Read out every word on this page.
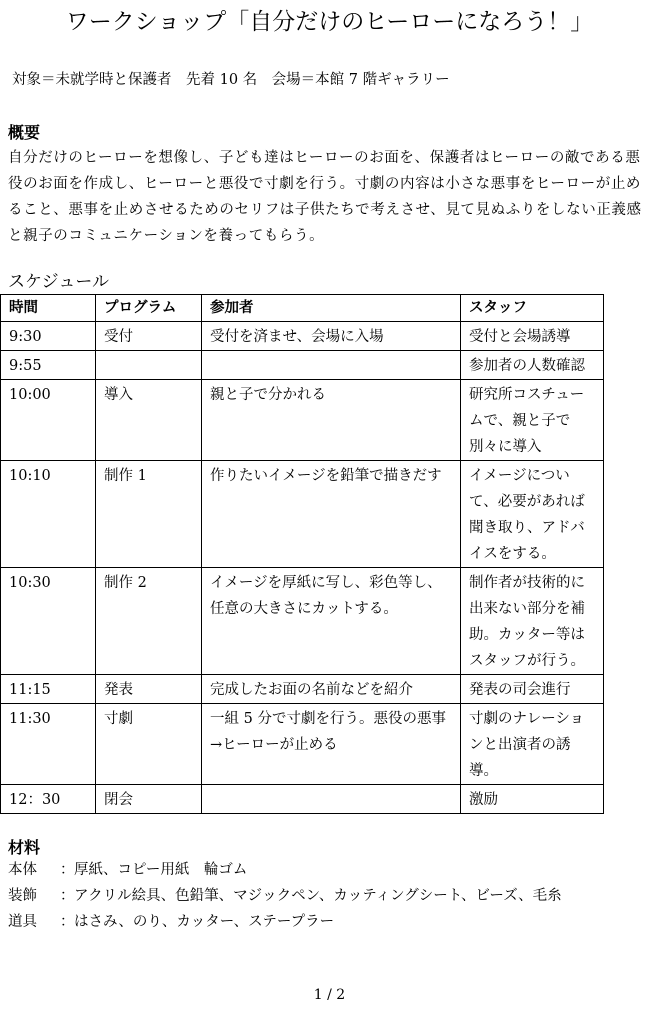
ワークショップ「自分だけのヒーローになろう！」
対象＝未就学時と保護者　先着 10 名　会場＝本館 7 階ギャラリー
概要
自分だけのヒーローを想像し、子ども達はヒーローのお面を、保護者はヒーローの敵である悪役のお面を作成し、ヒーローと悪役で寸劇を行う。寸劇の内容は小さな悪事をヒーローが止めること、悪事を止めさせるためのセリフは子供たちで考えさせ、見て見ぬふりをしない正義感と親子のコミュニケーションを養ってもらう。
スケジュール
時間	プログラム	参加者	スタッフ
9:30	受付	受付を済ませ、会場に入場	受付と会場誘導
9:55			参加者の人数確認
10:00	導入	親と子で分かれる	研究所コスチュームで、親と子で別々に導入
10:10	制作 1	作りたいイメージを鉛筆で描きだす	イメージについて、必要があれば聞き取り、アドバイスをする。
10:30	制作 2	イメージを厚紙に写し、彩色等し、任意の大きさにカットする。	制作者が技術的に出来ない部分を補助。カッター等はスタッフが行う。
11:15	発表	完成したお面の名前などを紹介	発表の司会進行
11:30	寸劇	一組 5 分で寸劇を行う。悪役の悪事→ヒーローが止める	寸劇のナレーションと出演者の誘導。
12：30	閉会		激励
材料
本体 ：厚紙、コピー用紙　輪ゴム
装飾 ：アクリル絵具、色鉛筆、マジックペン、カッティングシート、ビーズ、毛糸
道具 ：はさみ、のり、カッター、ステープラー
1 / 2
